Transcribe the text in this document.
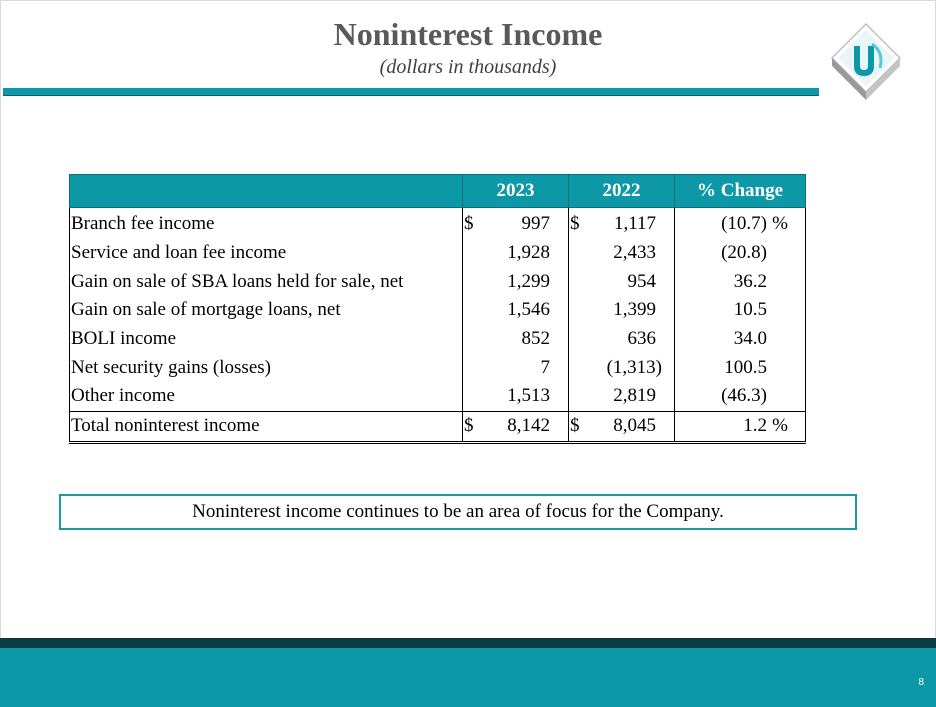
Noninterest Income
(dollars in thousands)
	2023	2022	% Change
Branch fee income	$ 997	$ 1,117	(10.7) %
Service and loan fee income	1,928	2,433	(20.8)
Gain on sale of SBA loans held for sale, net	1,299	954	36.2
Gain on sale of mortgage loans, net	1,546	1,399	10.5
BOLI income	852	636	34.0
Net security gains (losses)	7	(1,313)	100.5
Other income	1,513	2,819	(46.3)
Total noninterest income	$ 8,142	$ 8,045	1.2 %
Noninterest income continues to be an area of focus for the Company.
8
